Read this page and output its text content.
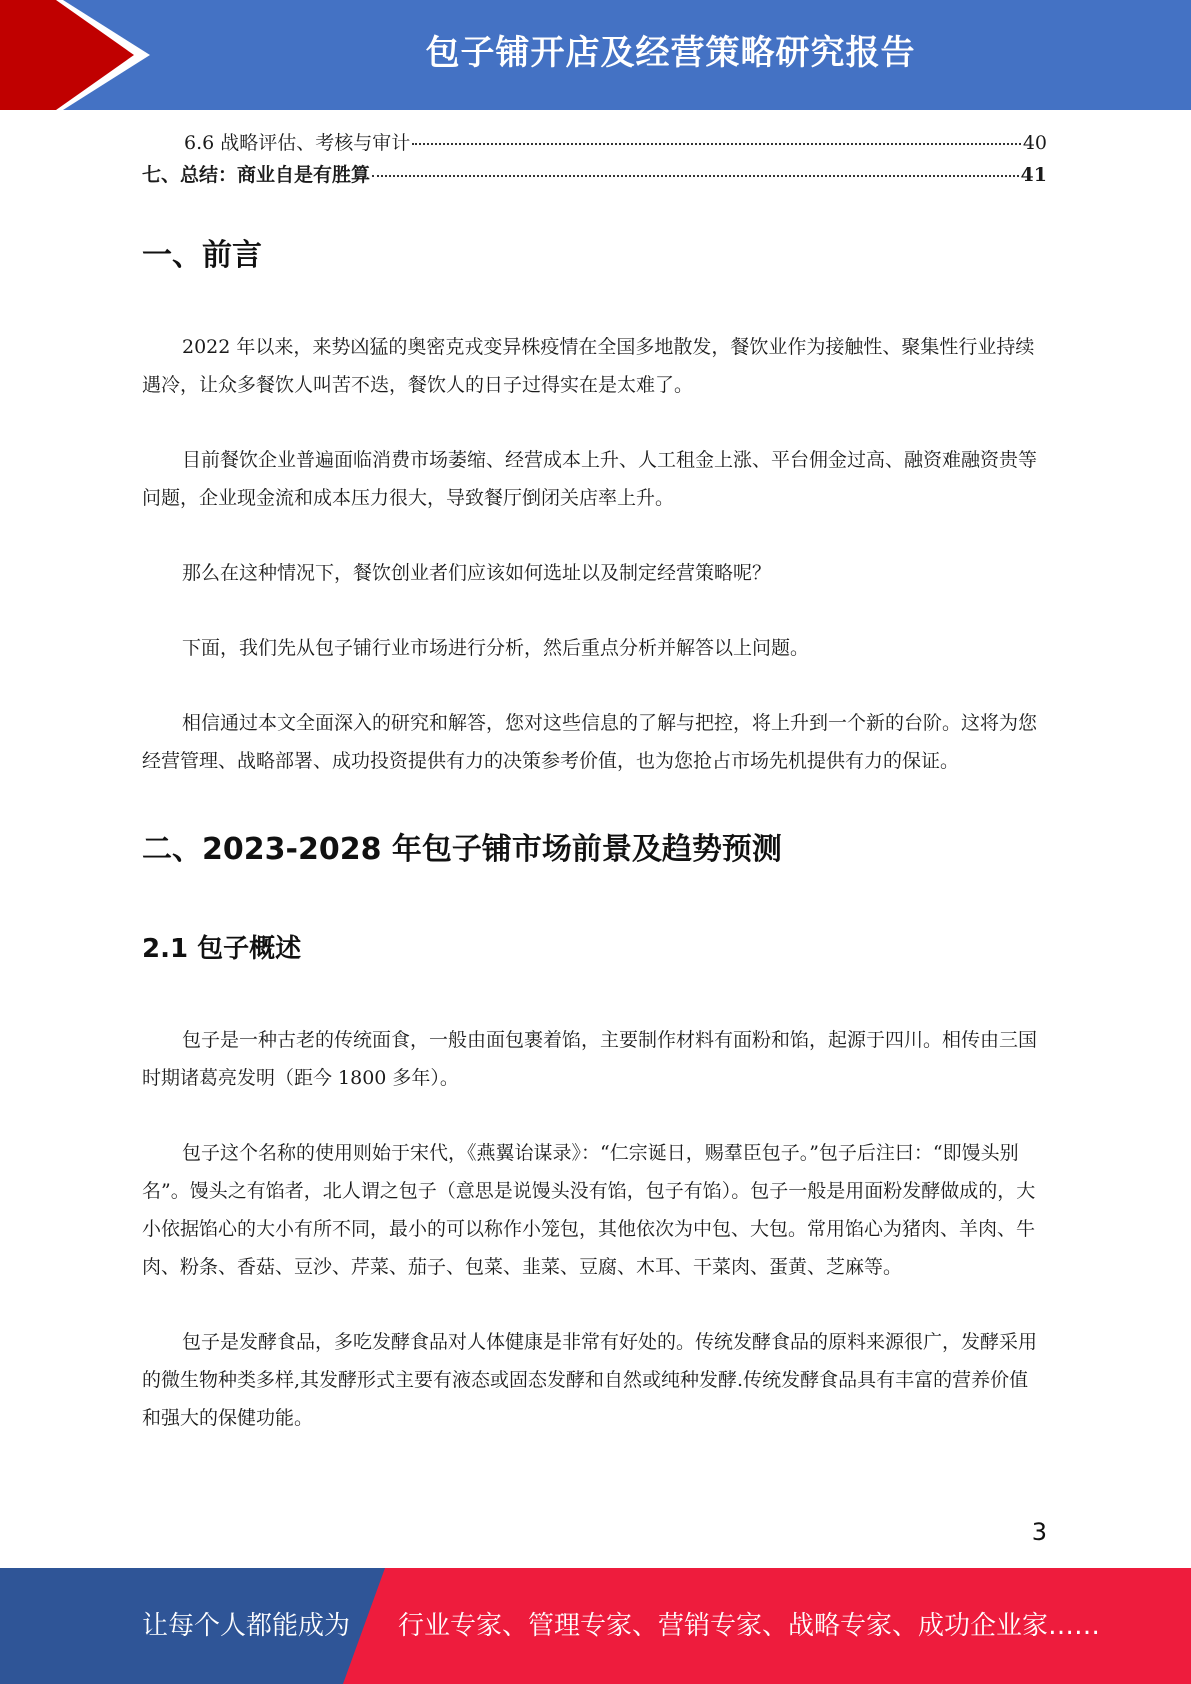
包子铺开店及经营策略研究报告
6.6 战略评估、考核与审计	40
七、总结：商业自是有胜算	41
一、前言

2022 年以来，来势凶猛的奥密克戎变异株疫情在全国多地散发，餐饮业作为接触性、聚集性行业持续遇冷，让众多餐饮人叫苦不迭，餐饮人的日子过得实在是太难了。

目前餐饮企业普遍面临消费市场萎缩、经营成本上升、人工租金上涨、平台佣金过高、融资难融资贵等问题，企业现金流和成本压力很大，导致餐厅倒闭关店率上升。

那么在这种情况下，餐饮创业者们应该如何选址以及制定经营策略呢？

下面，我们先从包子铺行业市场进行分析，然后重点分析并解答以上问题。

相信通过本文全面深入的研究和解答，您对这些信息的了解与把控，将上升到一个新的台阶。这将为您经营管理、战略部署、成功投资提供有力的决策参考价值，也为您抢占市场先机提供有力的保证。

二、2023-2028 年包子铺市场前景及趋势预测
2.1 包子概述

包子是一种古老的传统面食，一般由面包裹着馅，主要制作材料有面粉和馅，起源于四川。相传由三国时期诸葛亮发明（距今 1800 多年）。

包子这个名称的使用则始于宋代，《燕翼诒谋录》：“仁宗诞日，赐羣臣包子。”包子后注曰：“即馒头别名”。馒头之有馅者，北人谓之包子（意思是说馒头没有馅，包子有馅）。包子一般是用面粉发酵做成的，大小依据馅心的大小有所不同，最小的可以称作小笼包，其他依次为中包、大包。常用馅心为猪肉、羊肉、牛肉、粉条、香菇、豆沙、芹菜、茄子、包菜、韭菜、豆腐、木耳、干菜肉、蛋黄、芝麻等。

包子是发酵食品，多吃发酵食品对人体健康是非常有好处的。传统发酵食品的原料来源很广，发酵采用的微生物种类多样,其发酵形式主要有液态或固态发酵和自然或纯种发酵.传统发酵食品具有丰富的营养价值和强大的保健功能。

3
让每个人都能成为 行业专家、管理专家、营销专家、战略专家、成功企业家……
